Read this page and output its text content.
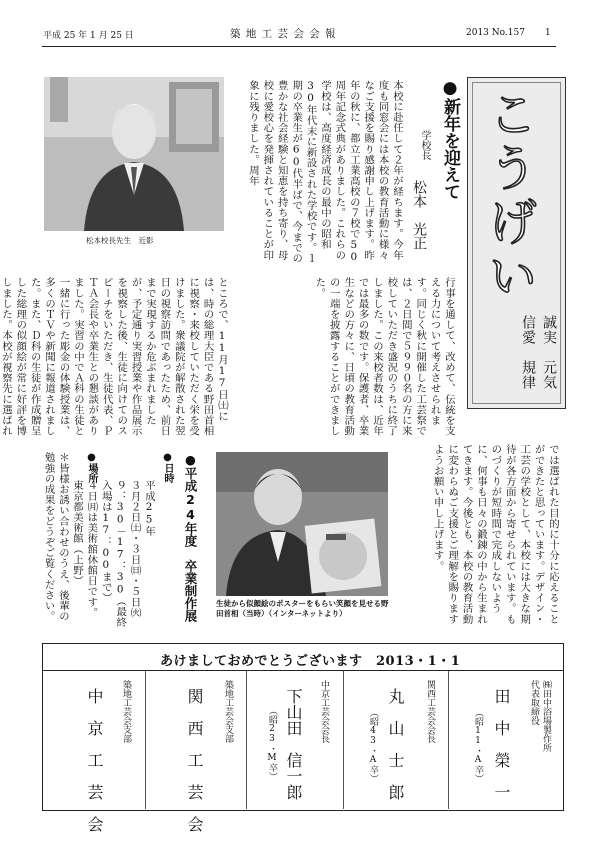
平成 25 年 1 月 25 日	築 地 工 芸 会 会 報	2013 No.157 1
こうげい
誠実　元気
信愛　規律
●新年を迎えて
学校長
松本　光正
本校に赴任して２年が経ちます。今年度も同窓会には本校の教育活動に様々なご支援を賜り感謝申し上げます。昨年の秋に、都立工業高校の７校で50周年記念式典がありました。これらの学校は、高度経済成長の最中の昭和30年代末に新設された学校です。１期の卒業生が60代半ばで、今までの豊かな社会経験と知恵を持ち寄り、母校に愛校心を発揮されていることが印象に残りました。周年
松本校長先生　近影
行事を通して、改めて、伝統を支える力について考えさせられます。同じく秋に開催した工芸祭では、２日間で５９９０名の方に来校していただき盛況のうちに終了しました。この来校者数は、近年では最多の数です。保護者、卒業生などの方々に、日頃の教育活動の一端を披露することができました。
ところで、11月17日㈯には、時の総理大臣である野田首相に視察・来校していただく栄を受けました。衆議院が解散された翌日の視察訪問であったため、前日まで実現するか危ぶまれましたが、予定通り実習授業や作品展示を視察した後、生徒に向けてのスピーチをいただき、生徒代表、ＰＴＡ会長や卒業生との懇談がありました。実習の中でＡ科の生徒と一緒に行った彫金の体験授業は、多くのＴＶや新聞に報道されました。また、Ｄ科の生徒が作成贈呈した総理の似顔絵が常に好評を博しました。本校が視察先に選ばれ
では選ばれた目的に十分に応えることができたと思っています。デザイン・工芸の学校として、本校には大きな期待が各方面から寄せられています。ものづくりが短時間で完成しないように、何事も日々の鍛錬の中から生まれてきます。今後とも、本校の教育活動に変わらぬご支援とご理解を賜りますようお願い申し上げます。
生徒から似顔絵のポスターをもらい笑顔を見せる野田首相（当時）（インターネットより）
●平成24年度　卒業制作展
●日時
平成25年
３月２日㈯・３日㈰・５日㈫
９：30－17：30（最終入場は17：00まで）
４日㈪は美術館休館日です。
●場所
東京都美術館（上野）
＊皆様お誘い合わせのうえ、後輩の勉強の成果をどうぞご覧ください。
あけましておめでとうございます　2013・1・1
㈱田中浴場製作所
代表取締役
田　中　榮　一
（昭11・A卒）
関西工芸会会長
丸　山　士　郎
（昭43・A卒）
中京工芸会会長
下山田　信一郎
（昭23・M卒）
築地工芸会支部
関　西　工　芸　会
築地工芸会支部
中　京　工　芸　会
